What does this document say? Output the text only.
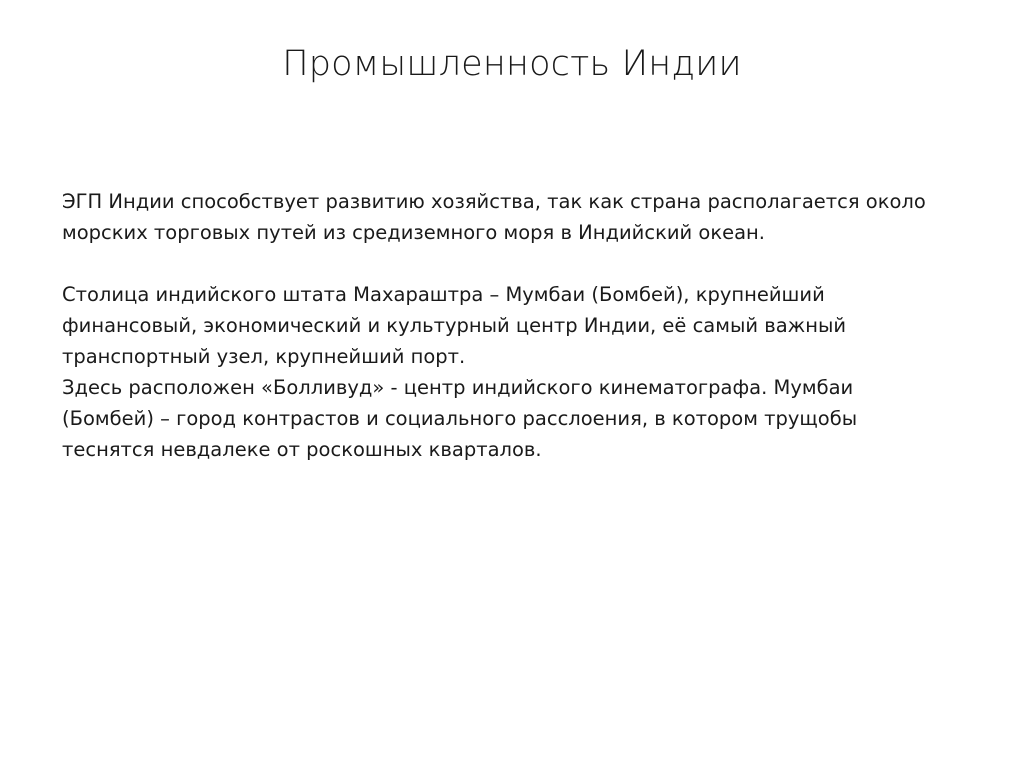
Промышленность Индии

ЭГП Индии способствует развитию хозяйства, так как страна располагается около
морских торговых путей из средиземного моря в Индийский океан.

Столица индийского штата Махараштра – Мумбаи (Бомбей), крупнейший
финансовый, экономический и культурный центр Индии, её самый важный
транспортный узел, крупнейший порт.

Здесь расположен «Болливуд» - центр индийского кинематографа. Мумбаи
(Бомбей) – город контрастов и социального расслоения, в котором трущобы
теснятся невдалеке от роскошных кварталов.
